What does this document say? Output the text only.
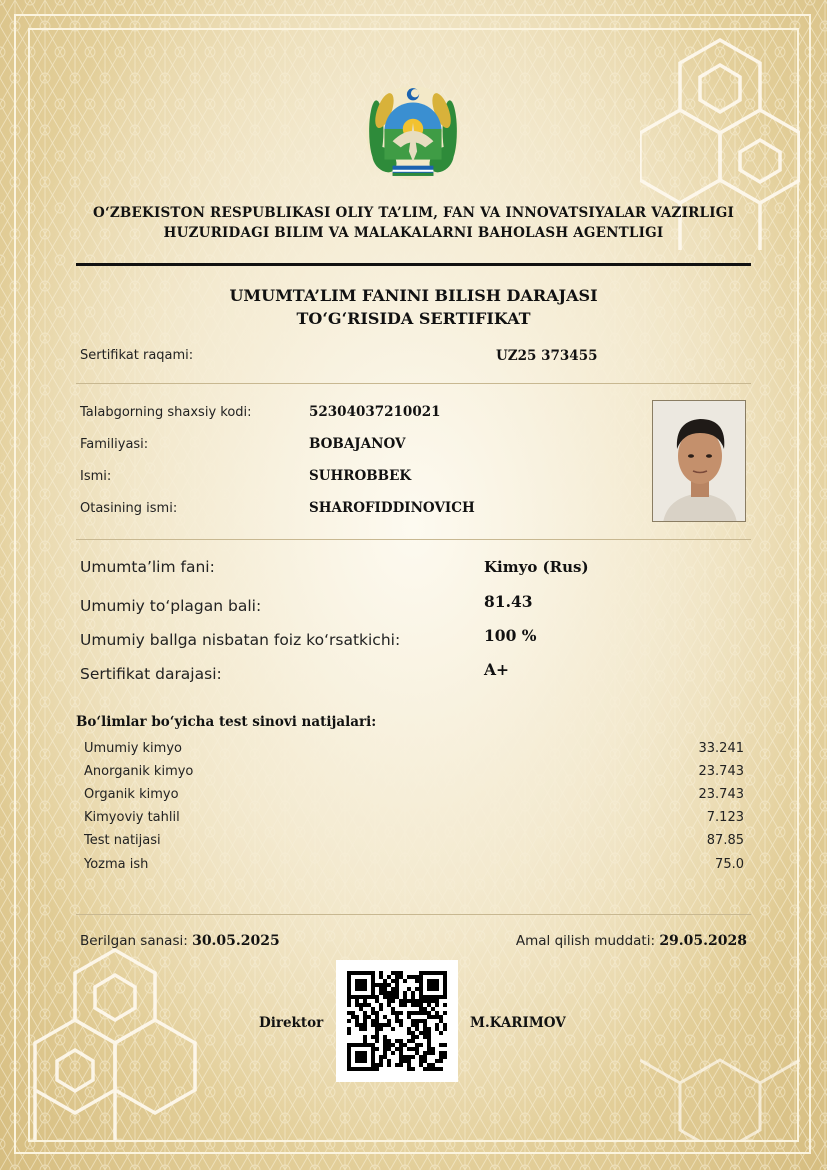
O‘ZBEKISTON RESPUBLIKASI OLIY TA’LIM, FAN VA INNOVATSIYALAR VAZIRLIGI
HUZURIDAGI BILIM VA MALAKALARNI BAHOLASH AGENTLIGI
UMUMTA’LIM FANINI BILISH DARAJASI
TO‘G‘RISIDA SERTIFIKAT
Sertifikat raqami:	UZ25 373455
Talabgorning shaxsiy kodi:	52304037210021
Familiyasi:	BOBAJANOV
Ismi:	SUHROBBEK
Otasining ismi:	SHAROFIDDINOVICH
Umumta’lim fani:	Kimyo (Rus)
Umumiy to‘plagan bali:	81.43
Umumiy ballga nisbatan foiz ko‘rsatkichi:	100 %
Sertifikat darajasi:	A+
Bo‘limlar bo‘yicha test sinovi natijalari:
Umumiy kimyo	33.241
Anorganik kimyo	23.743
Organik kimyo	23.743
Kimyoviy tahlil	7.123
Test natijasi	87.85
Yozma ish	75.0
Berilgan sanasi: 30.05.2025	Amal qilish muddati: 29.05.2028
Direktor	M.KARIMOV
